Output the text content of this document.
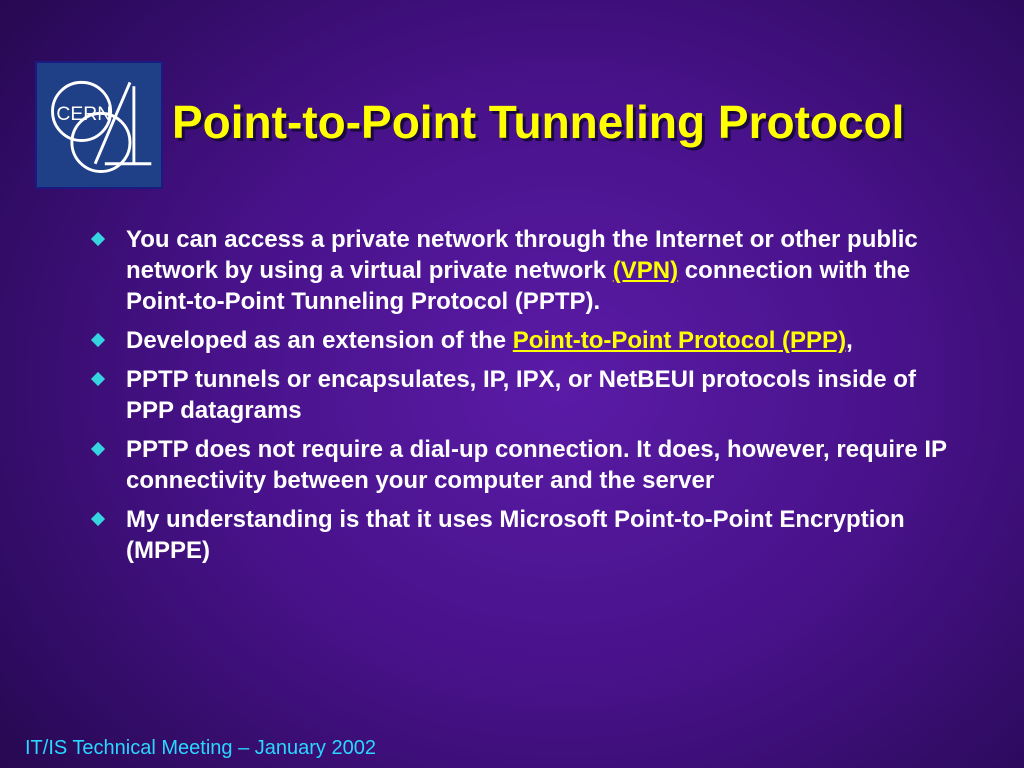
CERN Point-to-Point Tunneling Protocol
You can access a private network through the Internet or other public network by using a virtual private network (VPN) connection with the Point-to-Point Tunneling Protocol (PPTP).
Developed as an extension of the Point-to-Point Protocol (PPP),
PPTP tunnels or encapsulates, IP, IPX, or NetBEUI protocols inside of PPP datagrams
PPTP does not require a dial-up connection. It does, however, require IP connectivity between your computer and the server
My understanding is that it uses Microsoft Point-to-Point Encryption (MPPE)
IT/IS Technical Meeting – January 2002
